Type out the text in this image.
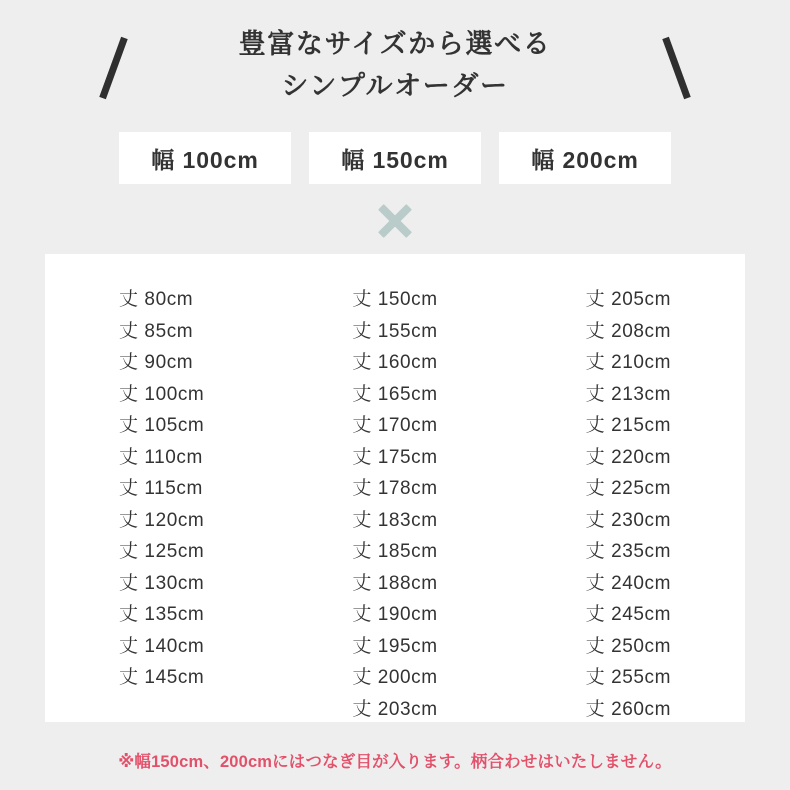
豊富なサイズから選べる
シンプルオーダー
幅 100cm	幅 150cm	幅 200cm
丈 80cm
丈 85cm
丈 90cm
丈 100cm
丈 105cm
丈 110cm
丈 115cm
丈 120cm
丈 125cm
丈 130cm
丈 135cm
丈 140cm
丈 145cm
丈 150cm
丈 155cm
丈 160cm
丈 165cm
丈 170cm
丈 175cm
丈 178cm
丈 183cm
丈 185cm
丈 188cm
丈 190cm
丈 195cm
丈 200cm
丈 203cm
丈 205cm
丈 208cm
丈 210cm
丈 213cm
丈 215cm
丈 220cm
丈 225cm
丈 230cm
丈 235cm
丈 240cm
丈 245cm
丈 250cm
丈 255cm
丈 260cm
※幅150cm、200cmにはつなぎ目が入ります。柄合わせはいたしません。
